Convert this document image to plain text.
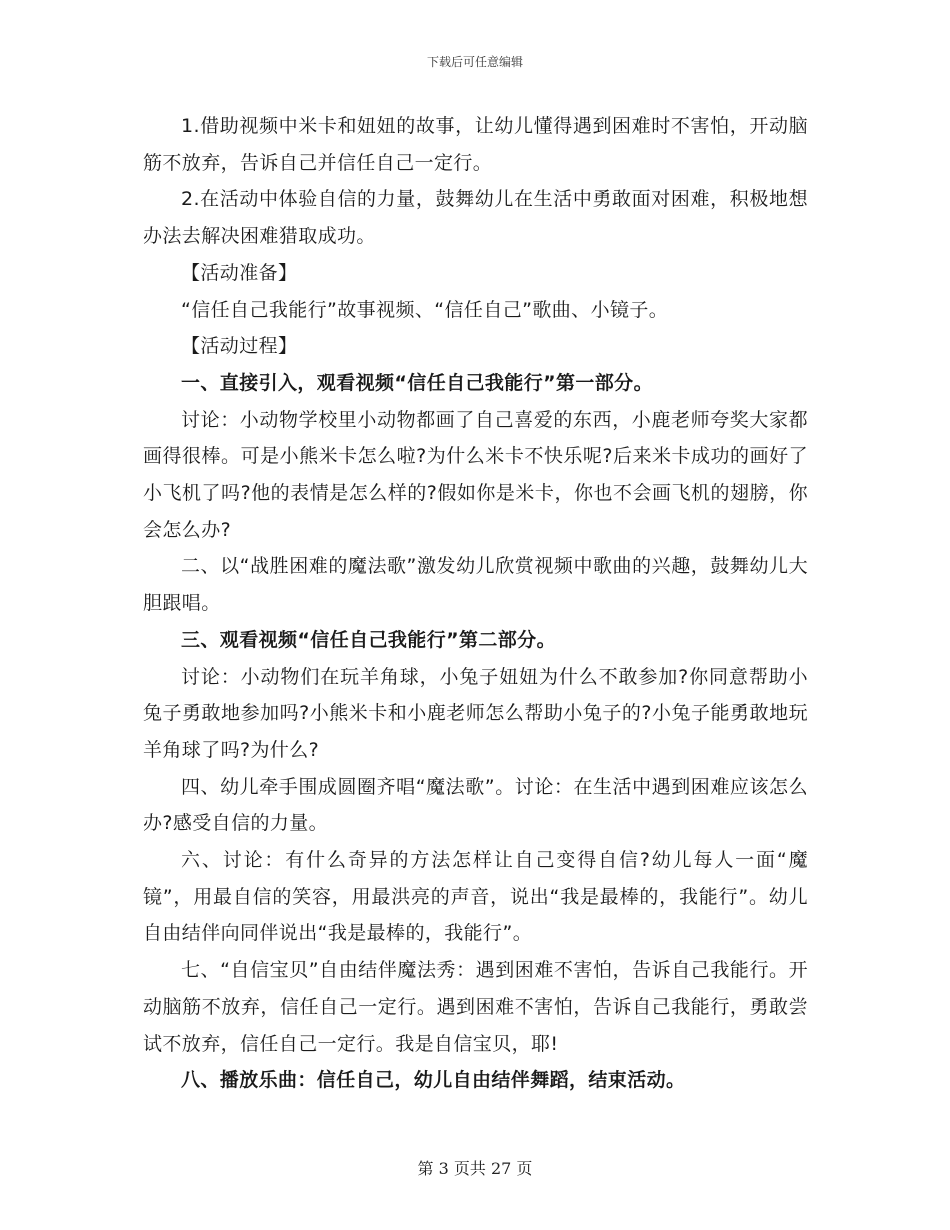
下载后可任意编辑

1.借助视频中米卡和妞妞的故事，让幼儿懂得遇到困难时不害怕，开动脑筋不放弃，告诉自己并信任自己一定行。

2.在活动中体验自信的力量，鼓舞幼儿在生活中勇敢面对困难，积极地想办法去解决困难猎取成功。

【活动准备】

“信任自己我能行”故事视频、“信任自己”歌曲、小镜子。

【活动过程】

一、直接引入，观看视频“信任自己我能行”第一部分。

讨论：小动物学校里小动物都画了自己喜爱的东西，小鹿老师夸奖大家都画得很棒。可是小熊米卡怎么啦?为什么米卡不快乐呢?后来米卡成功的画好了小飞机了吗?他的表情是怎么样的?假如你是米卡，你也不会画飞机的翅膀，你会怎么办?

二、以“战胜困难的魔法歌”激发幼儿欣赏视频中歌曲的兴趣，鼓舞幼儿大胆跟唱。

三、观看视频“信任自己我能行”第二部分。

讨论：小动物们在玩羊角球，小兔子妞妞为什么不敢参加?你同意帮助小兔子勇敢地参加吗?小熊米卡和小鹿老师怎么帮助小兔子的?小兔子能勇敢地玩羊角球了吗?为什么?

四、幼儿牵手围成圆圈齐唱“魔法歌”。讨论：在生活中遇到困难应该怎么办?感受自信的力量。

六、讨论：有什么奇异的方法怎样让自己变得自信?幼儿每人一面“魔镜”，用最自信的笑容，用最洪亮的声音，说出“我是最棒的，我能行”。幼儿自由结伴向同伴说出“我是最棒的，我能行”。

七、“自信宝贝”自由结伴魔法秀：遇到困难不害怕，告诉自己我能行。开动脑筋不放弃，信任自己一定行。遇到困难不害怕，告诉自己我能行，勇敢尝试不放弃，信任自己一定行。我是自信宝贝，耶!

八、播放乐曲：信任自己，幼儿自由结伴舞蹈，结束活动。

第 3 页共 27 页
